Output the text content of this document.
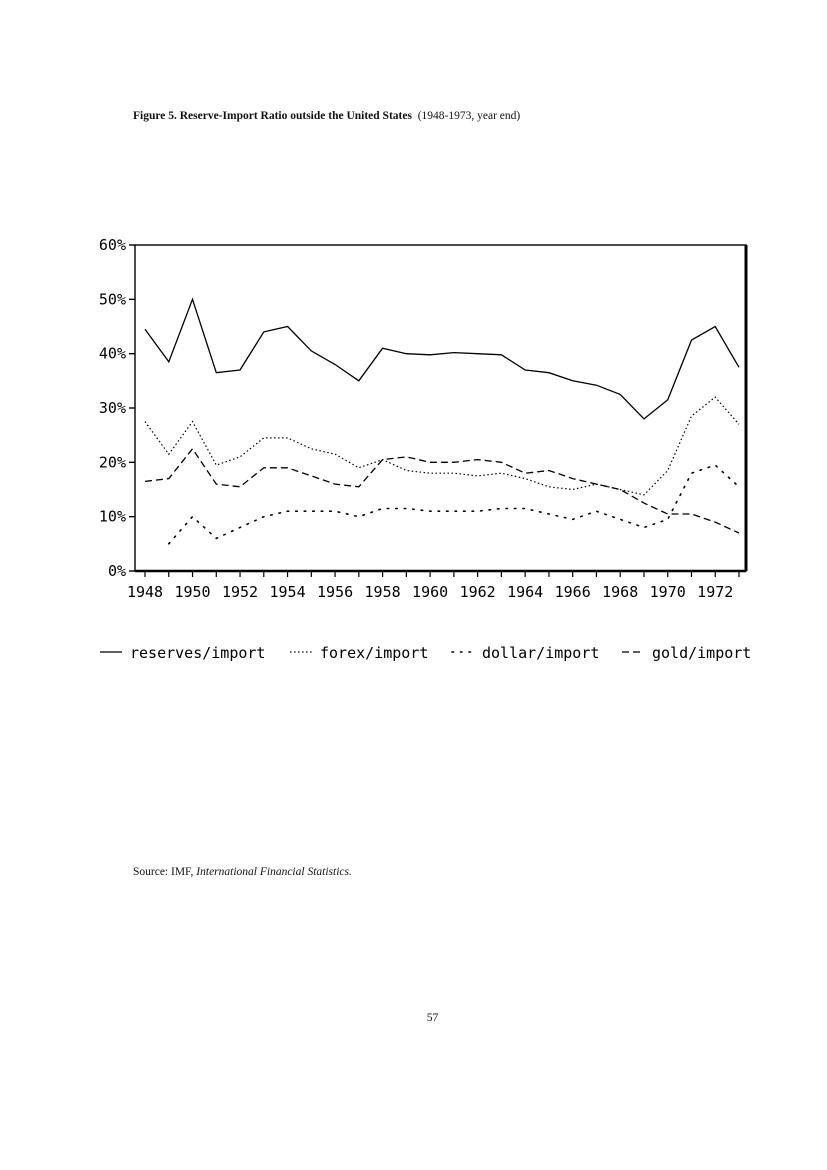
Figure 5. Reserve-Import Ratio outside the United States (1948-1973, year end)
0%
10%
20%
30%
40%
50%
60%
1948 1950 1952 1954 1956 1958 1960 1962 1964 1966 1968 1970 1972
reserves/import	forex/import	dollar/import	gold/import
Source: IMF, International Financial Statistics.
57
